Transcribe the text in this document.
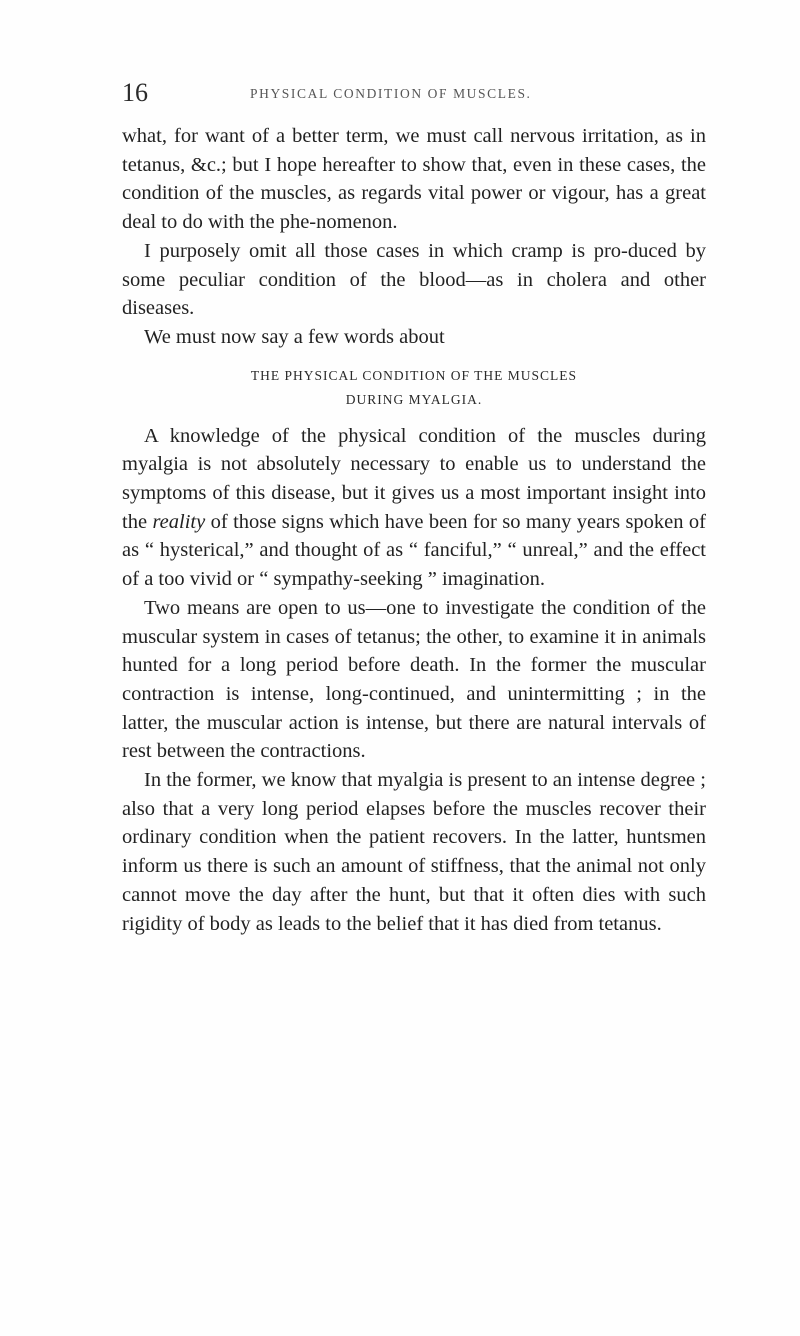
16	PHYSICAL CONDITION OF MUSCLES.

what, for want of a better term, we must call nervous irritation, as in tetanus, &c.; but I hope hereafter to show that, even in these cases, the condition of the muscles, as regards vital power or vigour, has a great deal to do with the phe-nomenon.

I purposely omit all those cases in which cramp is pro-duced by some peculiar condition of the blood—as in cholera and other diseases.

We must now say a few words about

THE PHYSICAL CONDITION OF THE MUSCLES
DURING MYALGIA.

A knowledge of the physical condition of the muscles during myalgia is not absolutely necessary to enable us to understand the symptoms of this disease, but it gives us a most important insight into the reality of those signs which have been for so many years spoken of as “ hysterical,” and thought of as “ fanciful,” “ unreal,” and the effect of a too vivid or “ sympathy-seeking ” imagination.

Two means are open to us—one to investigate the condition of the muscular system in cases of tetanus; the other, to examine it in animals hunted for a long period before death. In the former the muscular contraction is intense, long-continued, and unintermitting ; in the latter, the muscular action is intense, but there are natural intervals of rest between the contractions.

In the former, we know that myalgia is present to an intense degree ; also that a very long period elapses before the muscles recover their ordinary condition when the patient recovers. In the latter, huntsmen inform us there is such an amount of stiffness, that the animal not only cannot move the day after the hunt, but that it often dies with such rigidity of body as leads to the belief that it has died from tetanus.
